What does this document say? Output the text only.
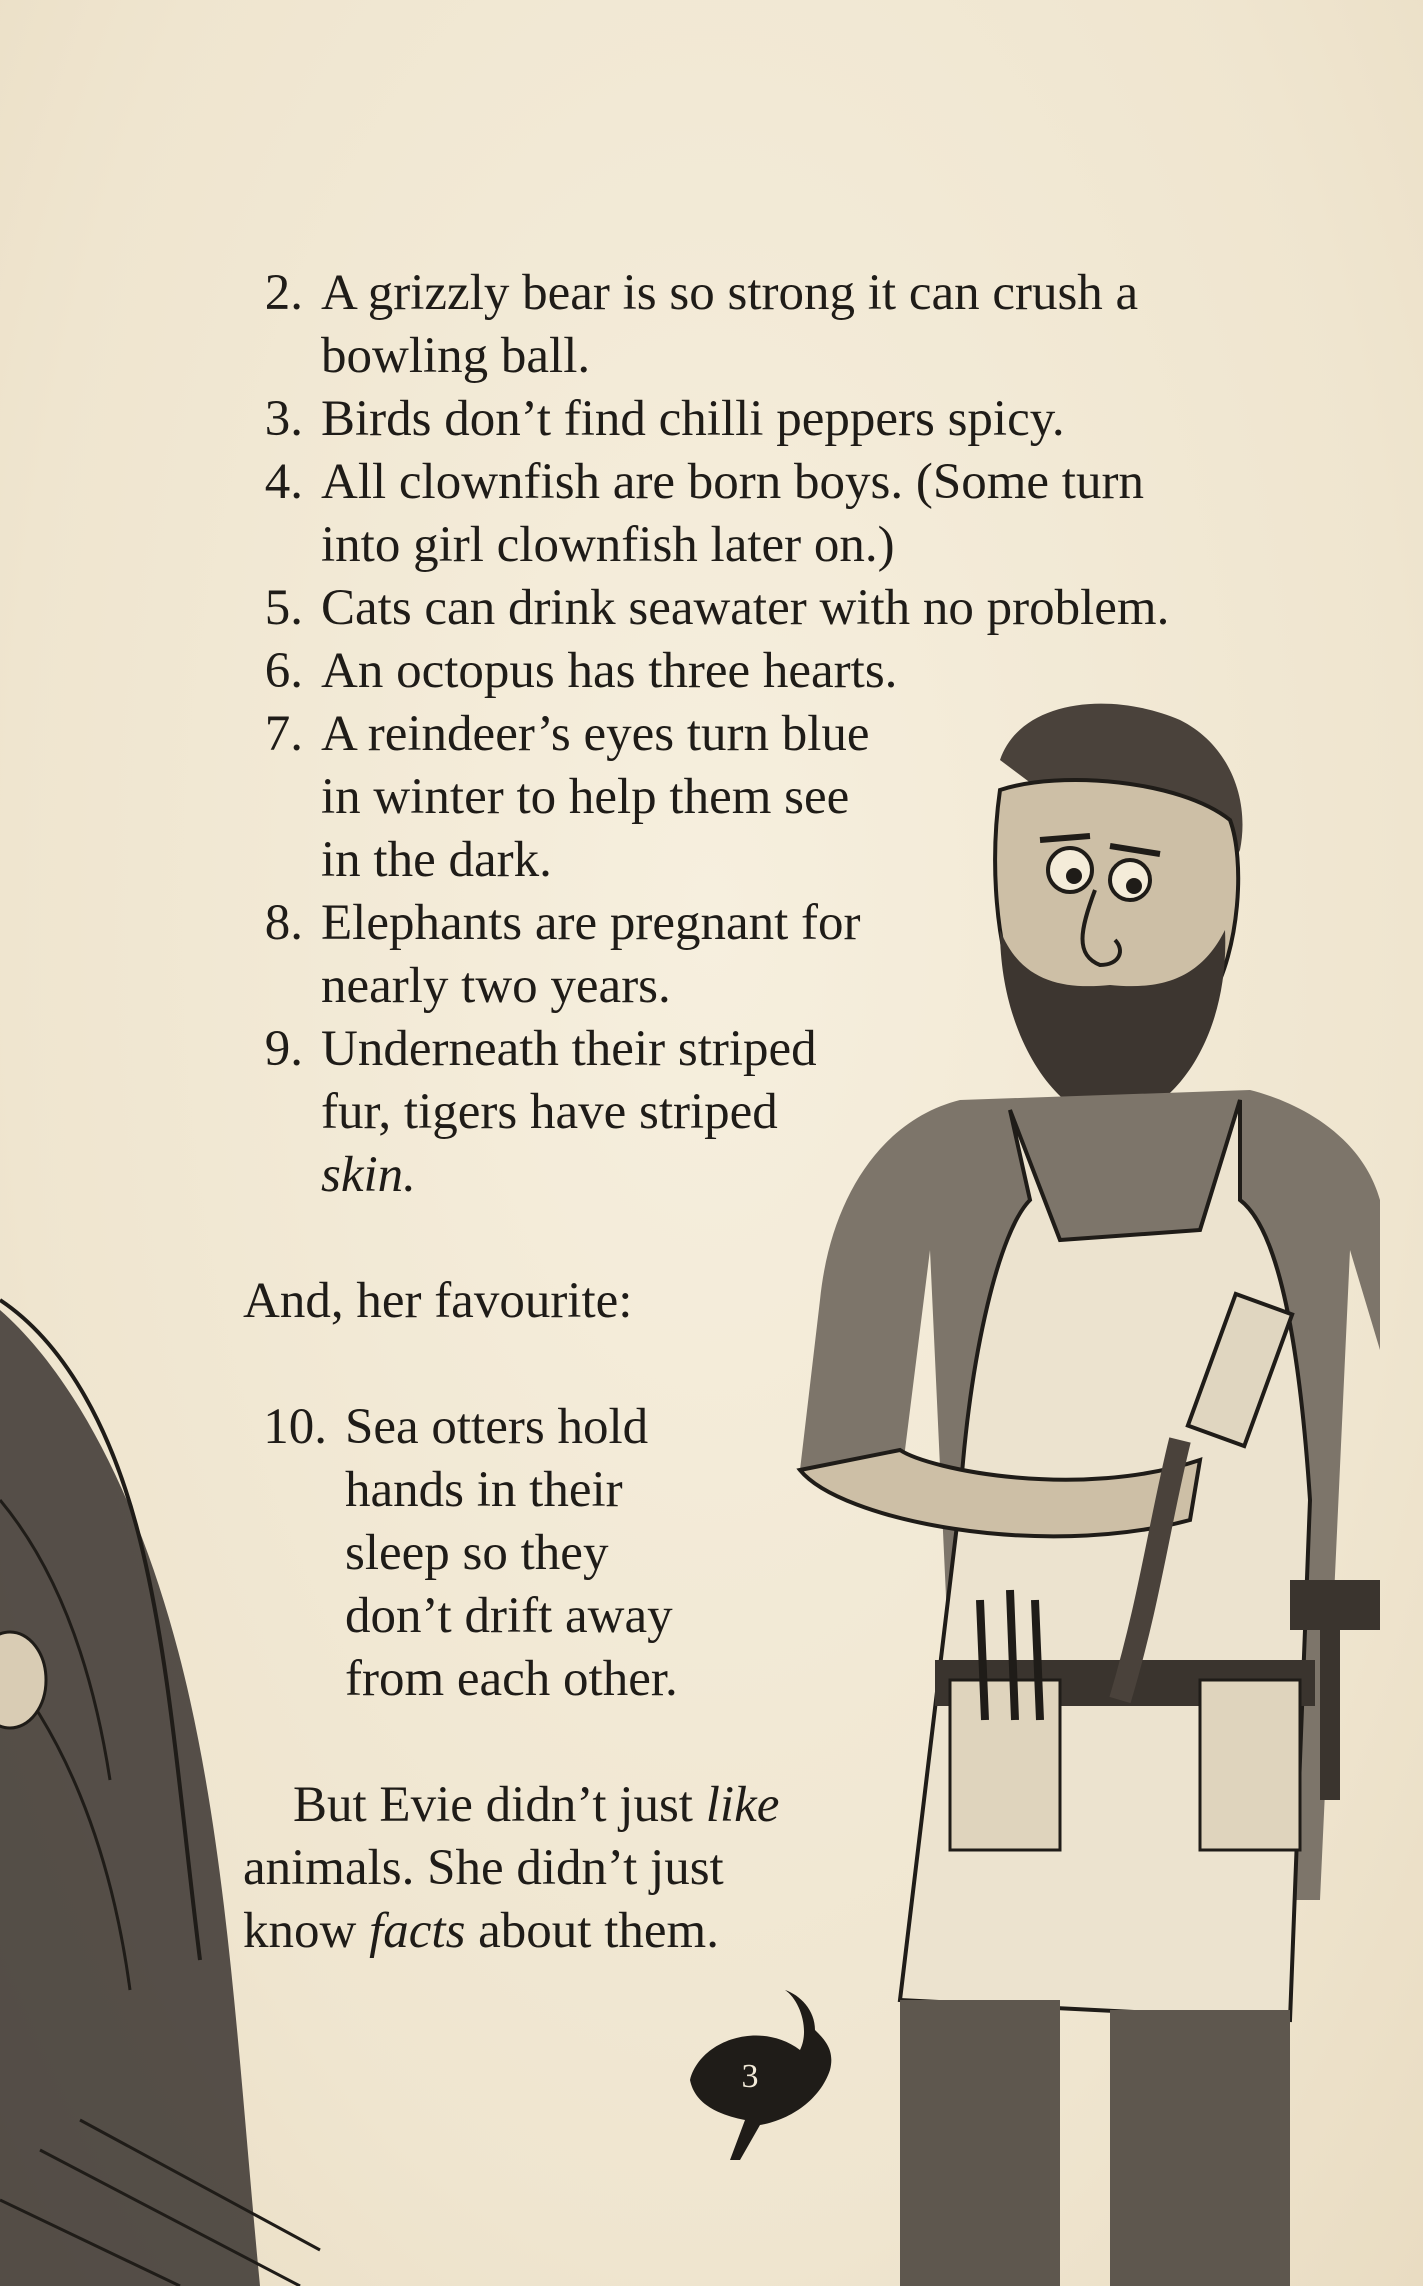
2. A grizzly bear is so strong it can crush a
bowling ball.
3. Birds don’t find chilli peppers spicy.
4. All clownfish are born boys. (Some turn
into girl clownfish later on.)
5. Cats can drink seawater with no problem.
6. An octopus has three hearts.
7. A reindeer’s eyes turn blue
in winter to help them see
in the dark.
8. Elephants are pregnant for
nearly two years.
9. Underneath their striped
fur, tigers have striped
skin.
And, her favourite:
10. Sea otters hold
hands in their
sleep so they
don’t drift away
from each other.
But Evie didn’t just like
animals. She didn’t just
know facts about them.
3
